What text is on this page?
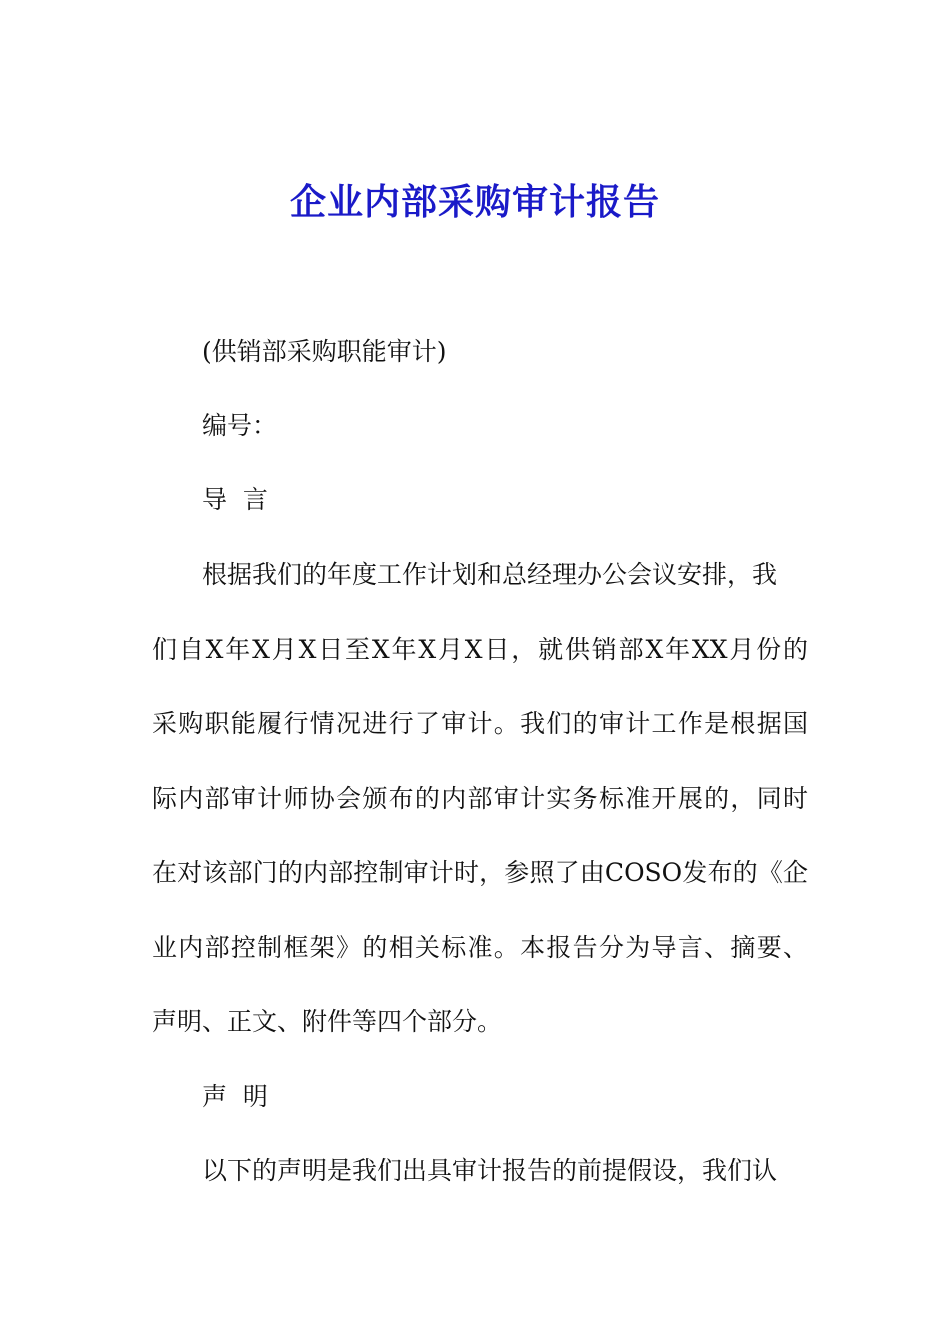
企业内部采购审计报告
(供销部采购职能审计)
编号：
导  言
根据我们的年度工作计划和总经理办公会议安排，我
们自X年X月X日至X年X月X日，就供销部X年XX月份的
采购职能履行情况进行了审计。我们的审计工作是根据国
际内部审计师协会颁布的内部审计实务标准开展的，同时
在对该部门的内部控制审计时，参照了由COSO发布的《企
业内部控制框架》的相关标准。本报告分为导言、摘要、
声明、正文、附件等四个部分。
声  明
以下的声明是我们出具审计报告的前提假设，我们认
